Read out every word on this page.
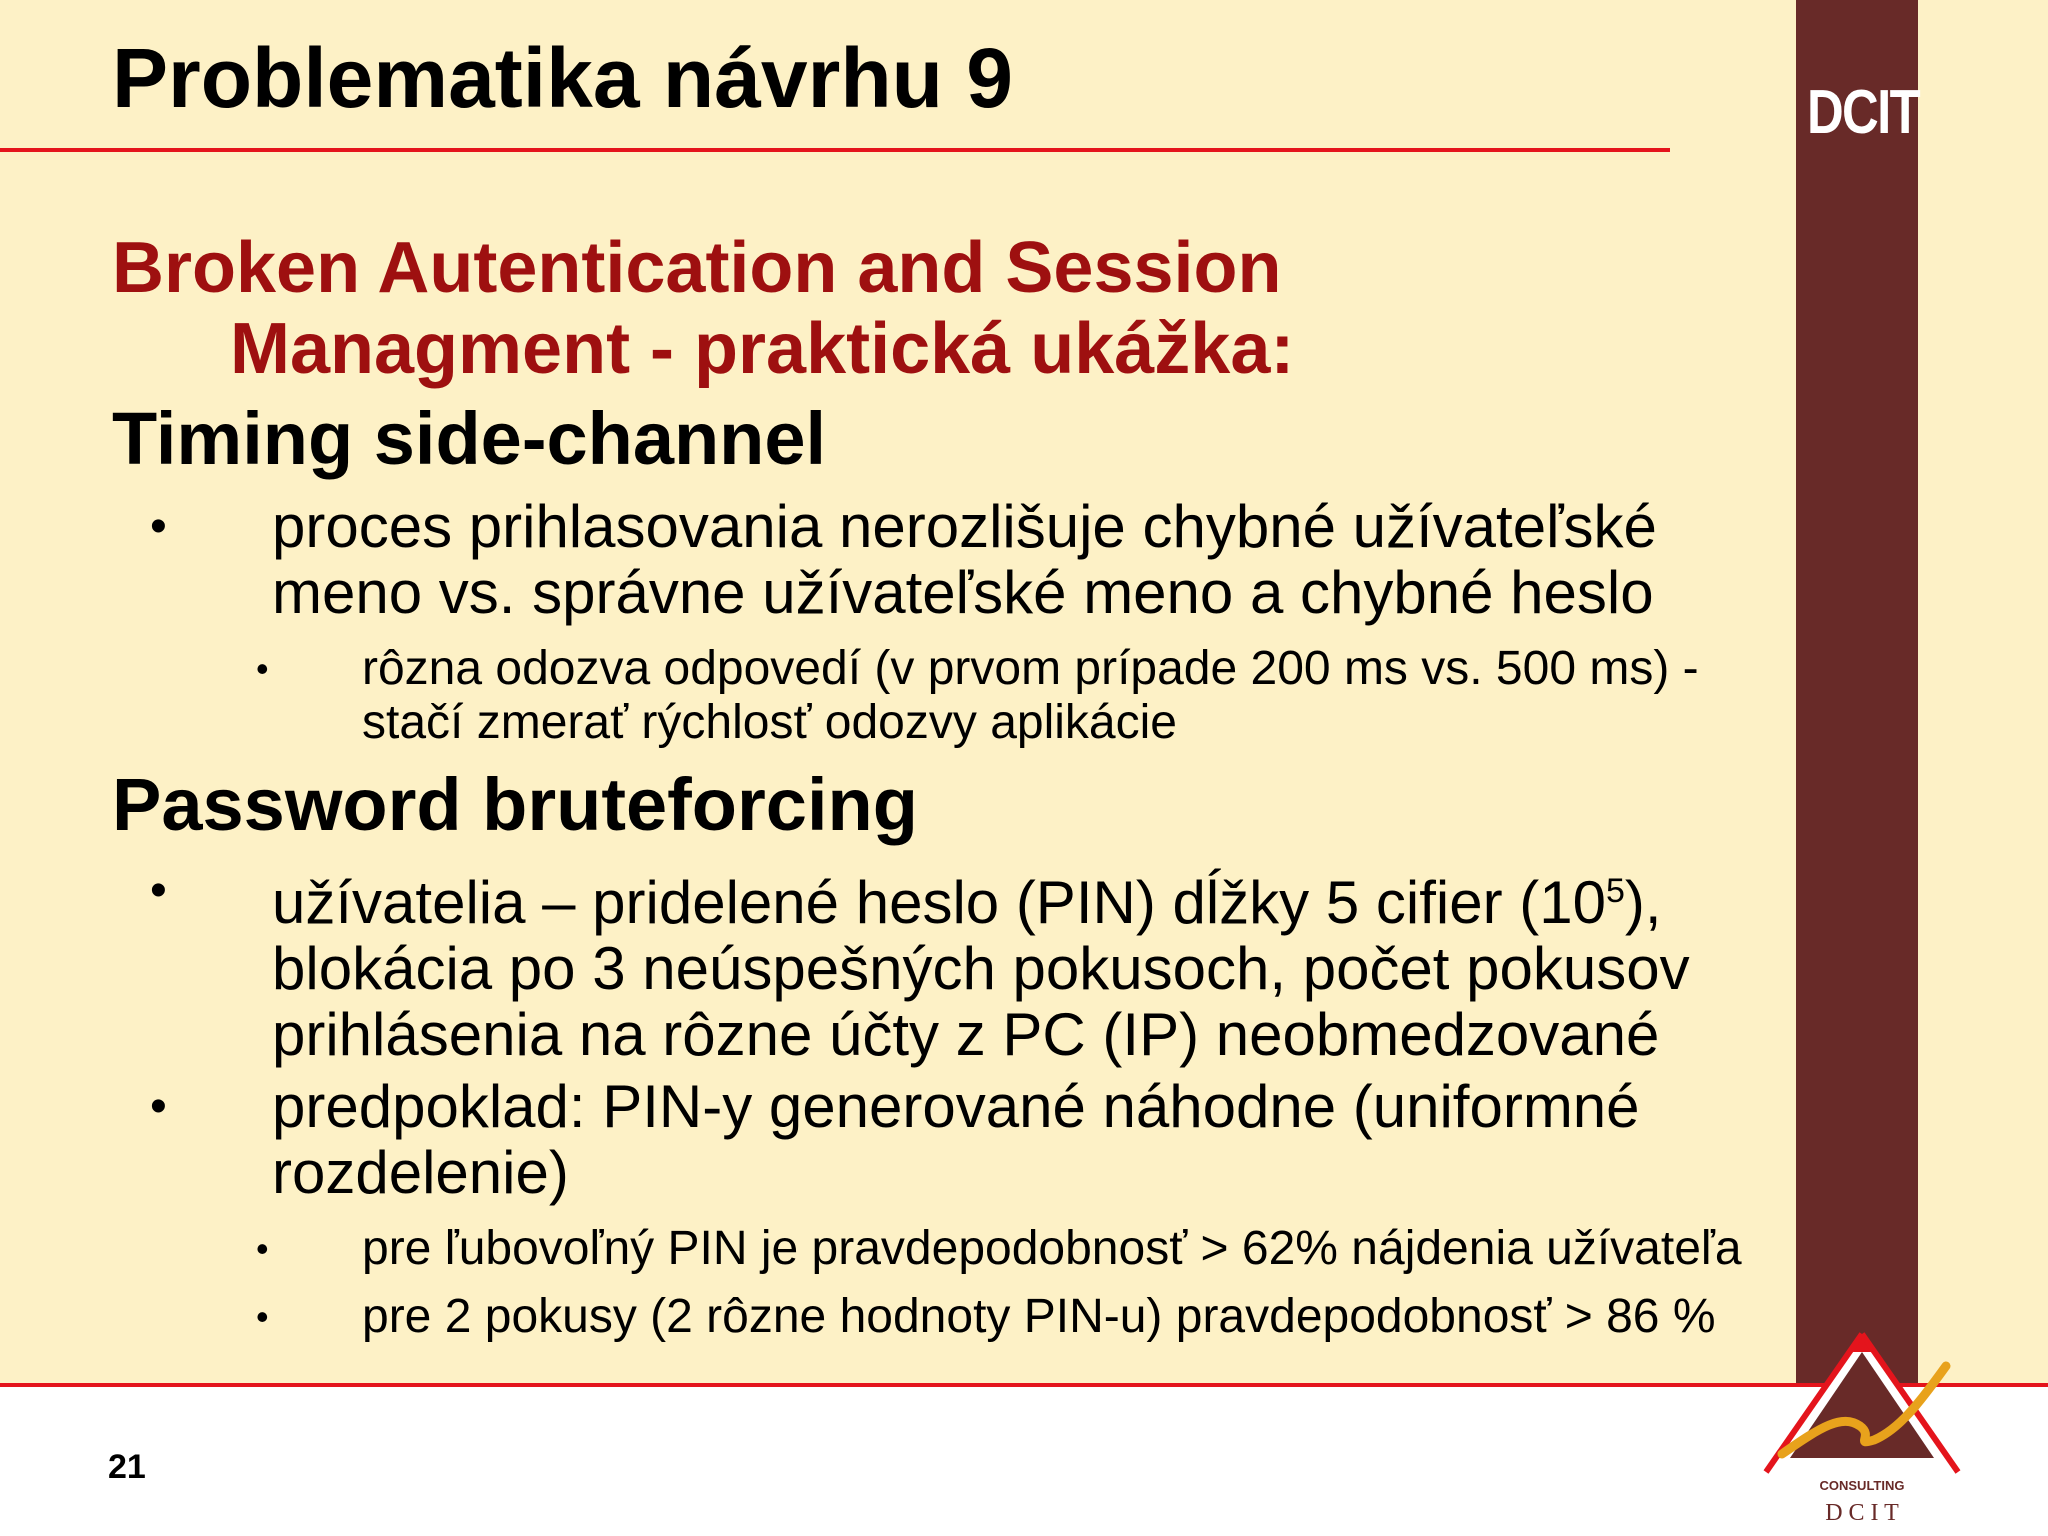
DCIT
Problematika návrhu 9
Broken Autentication and Session
Managment - praktická ukážka:
Timing side-channel

• proces prihlasovania nerozlišuje chybné užívateľské meno vs. správne užívateľské meno a chybné heslo

• rôzna odozva odpovedí (v prvom prípade 200 ms vs. 500 ms) - stačí zmerať rýchlosť odozvy aplikácie

Password bruteforcing

• užívatelia – pridelené heslo (PIN) dĺžky 5 cifier $(10^5)$, blokácia po 3 neúspešných pokusoch, počet pokusov prihlásenia na rôzne účty z PC (IP) neobmedzované

• predpoklad: PIN-y generované náhodne (uniformné rozdelenie)

• pre ľubovoľný PIN je pravdepodobnosť > 62% nájdenia užívateľa

• pre 2 pokusy (2 rôzne hodnoty PIN-u) pravdepodobnosť > 86 %

21	CONSULTING
D C I T
